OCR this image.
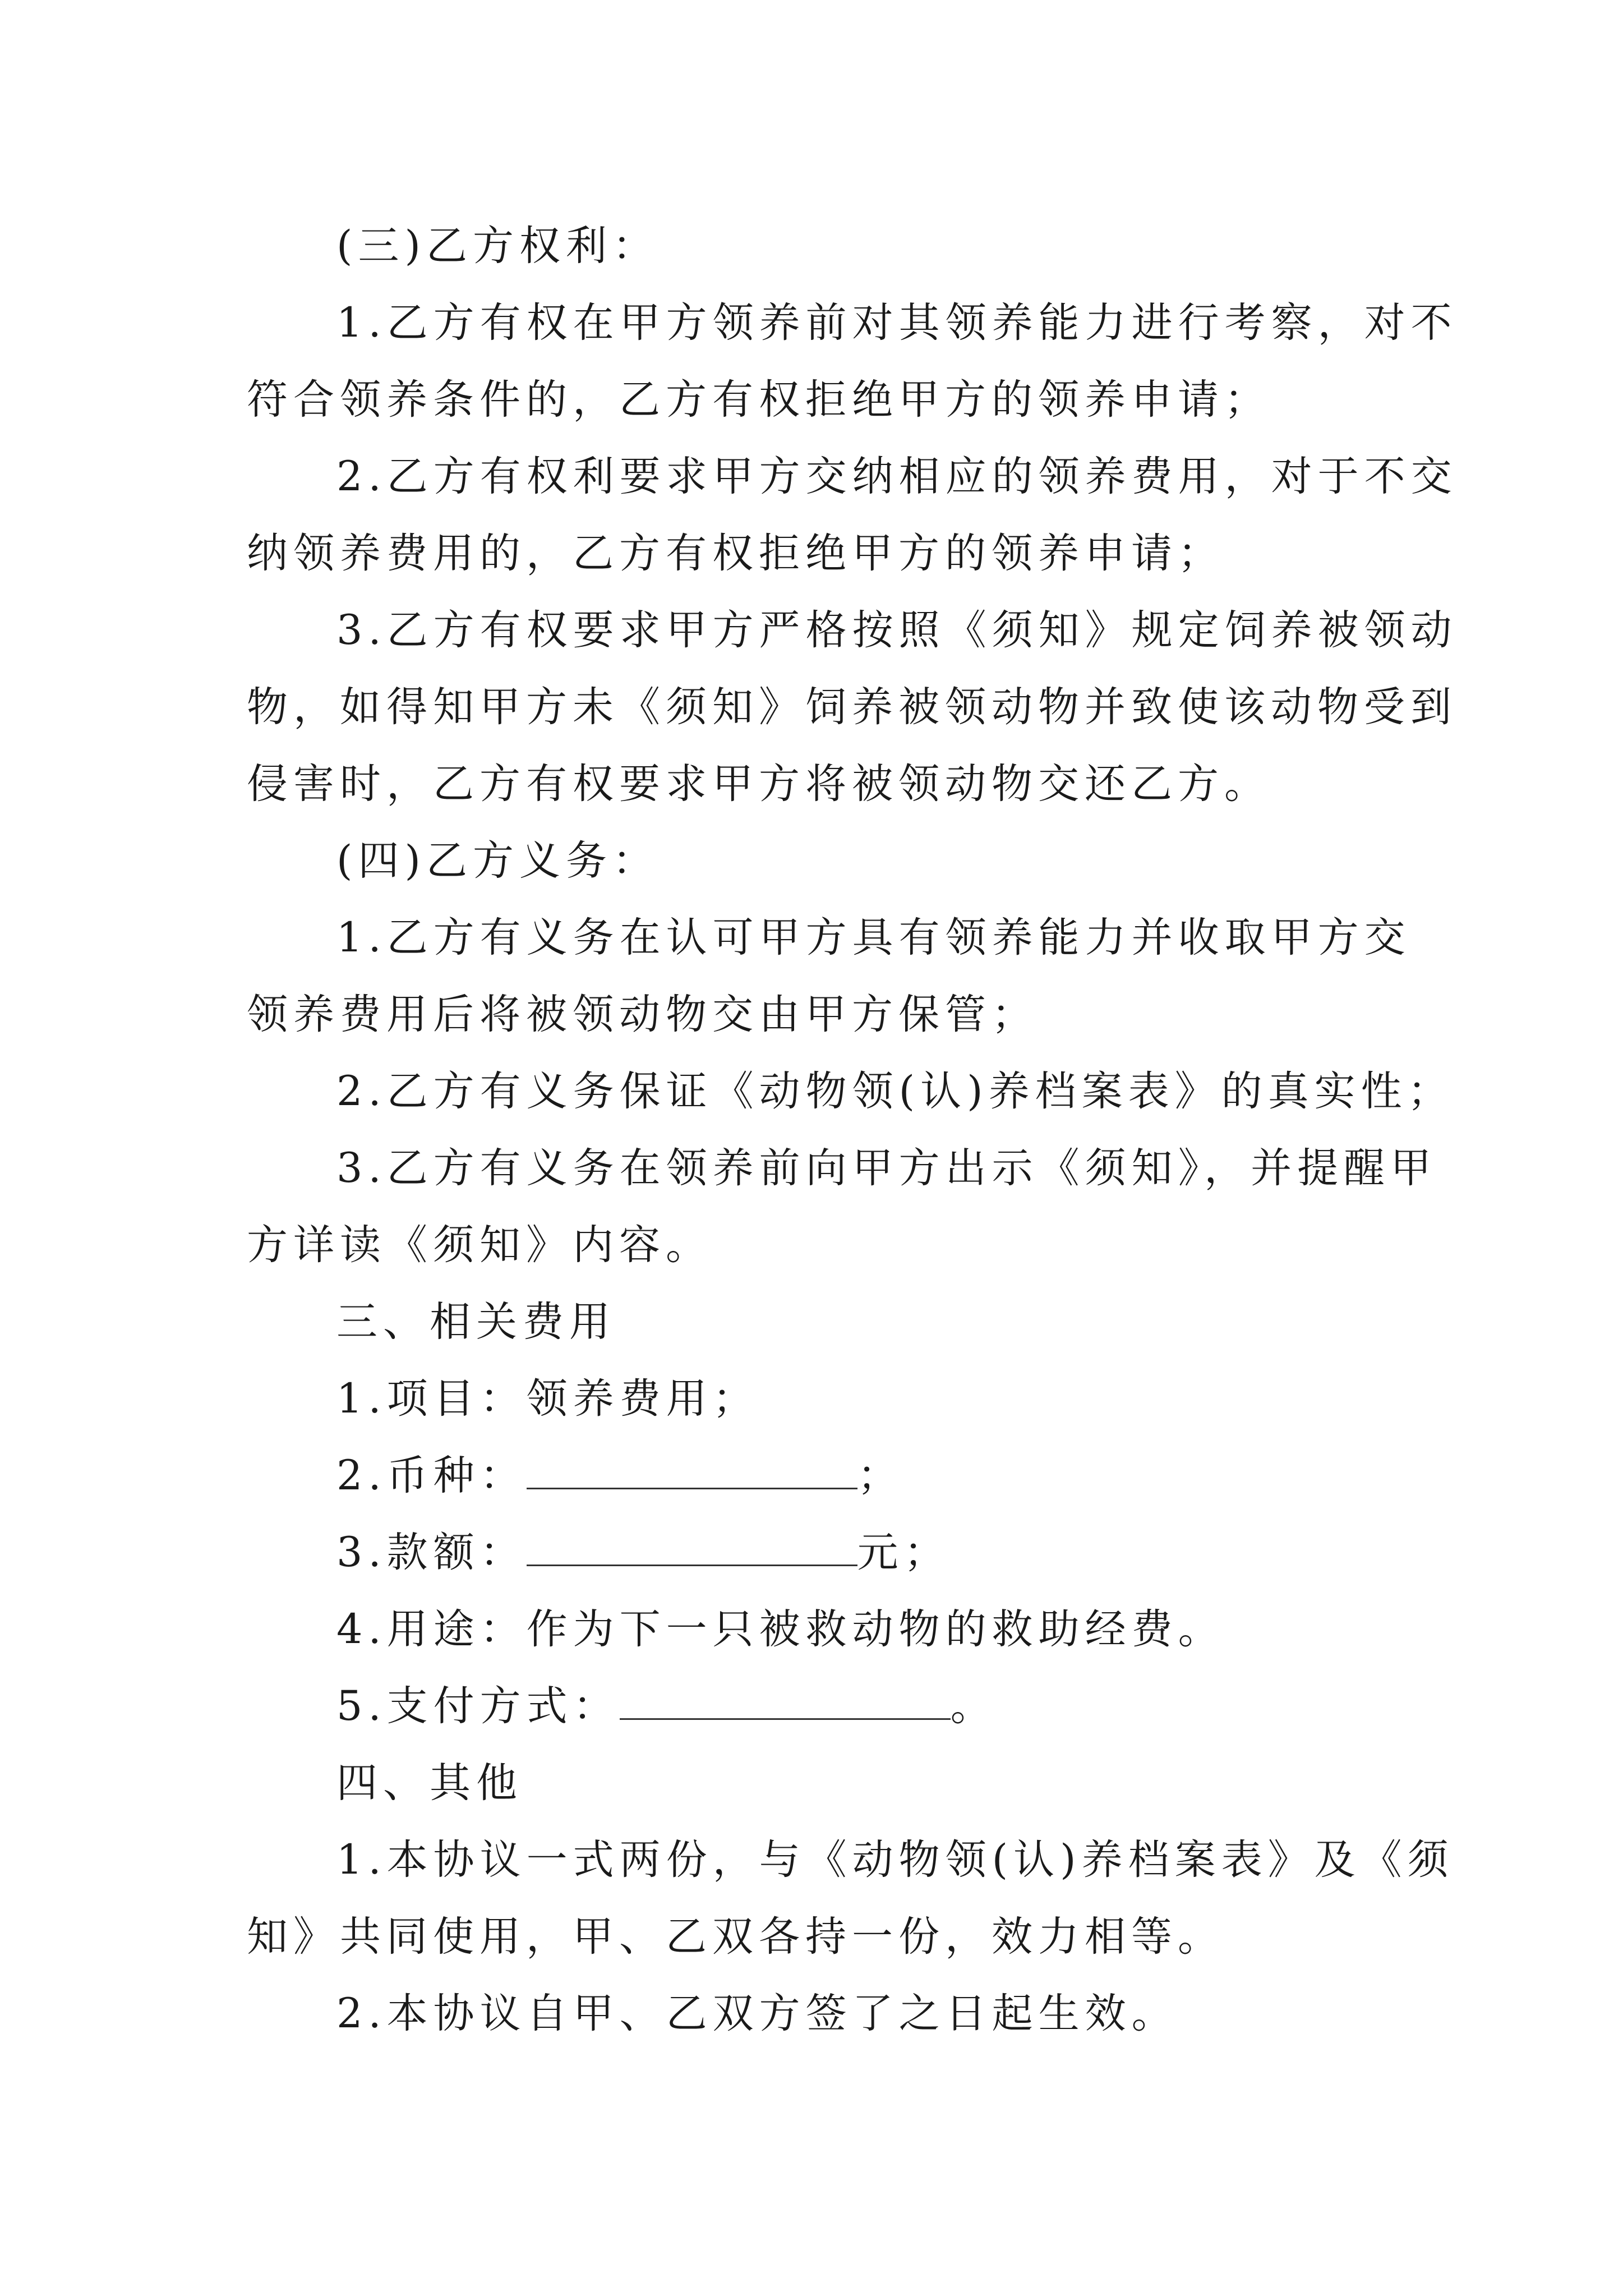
(三)乙方权利：

1.乙方有权在甲方领养前对其领养能力进行考察，对不

符合领养条件的，乙方有权拒绝甲方的领养申请；

2.乙方有权利要求甲方交纳相应的领养费用，对于不交

纳领养费用的，乙方有权拒绝甲方的领养申请；

3.乙方有权要求甲方严格按照《须知》规定饲养被领动

物，如得知甲方未《须知》饲养被领动物并致使该动物受到

侵害时，乙方有权要求甲方将被领动物交还乙方。

(四)乙方义务：

1.乙方有义务在认可甲方具有领养能力并收取甲方交

领养费用后将被领动物交由甲方保管；

2.乙方有义务保证《动物领(认)养档案表》的真实性；

3.乙方有义务在领养前向甲方出示《须知》，并提醒甲

方详读《须知》内容。

三、相关费用

1.项目：领养费用；

2.币种：	；

3.款额：	元；

4.用途：作为下一只被救动物的救助经费。

5.支付方式：	。

四、其他

1.本协议一式两份，与《动物领(认)养档案表》及《须

知》共同使用，甲、乙双各持一份，效力相等。

2.本协议自甲、乙双方签了之日起生效。
